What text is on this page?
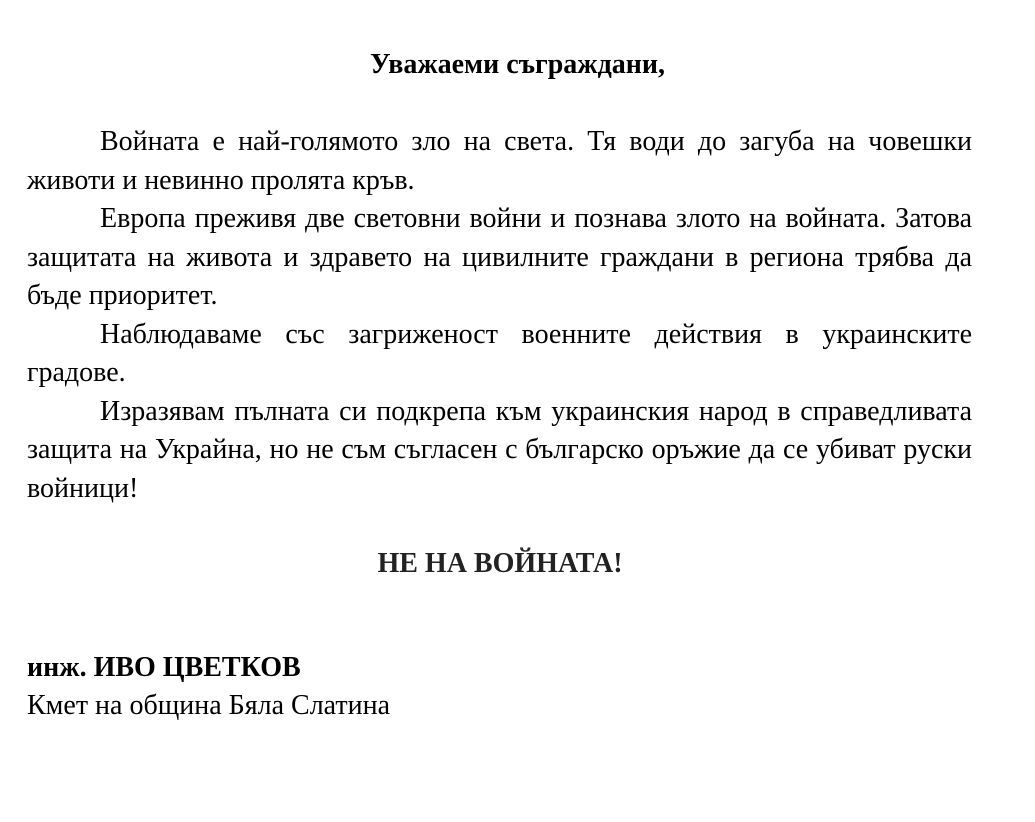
Уважаеми съграждани,

Войната е най-голямото зло на света. Тя води до загуба на човешки животи и невинно пролята кръв.

Европа преживя две световни войни и познава злото на войната. Затова защитата на живота и здравето на цивилните граждани в региона трябва да бъде приоритет.

Наблюдаваме със загриженост военните действия в украинските градове.

Изразявам пълната си подкрепа към украинския народ в справедливата защита на Украйна, но не съм съгласен с българско оръжие да се убиват руски войници!

НЕ НА ВОЙНАТА!
инж. ИВО ЦВЕТКОВ
Кмет на община Бяла Слатина
